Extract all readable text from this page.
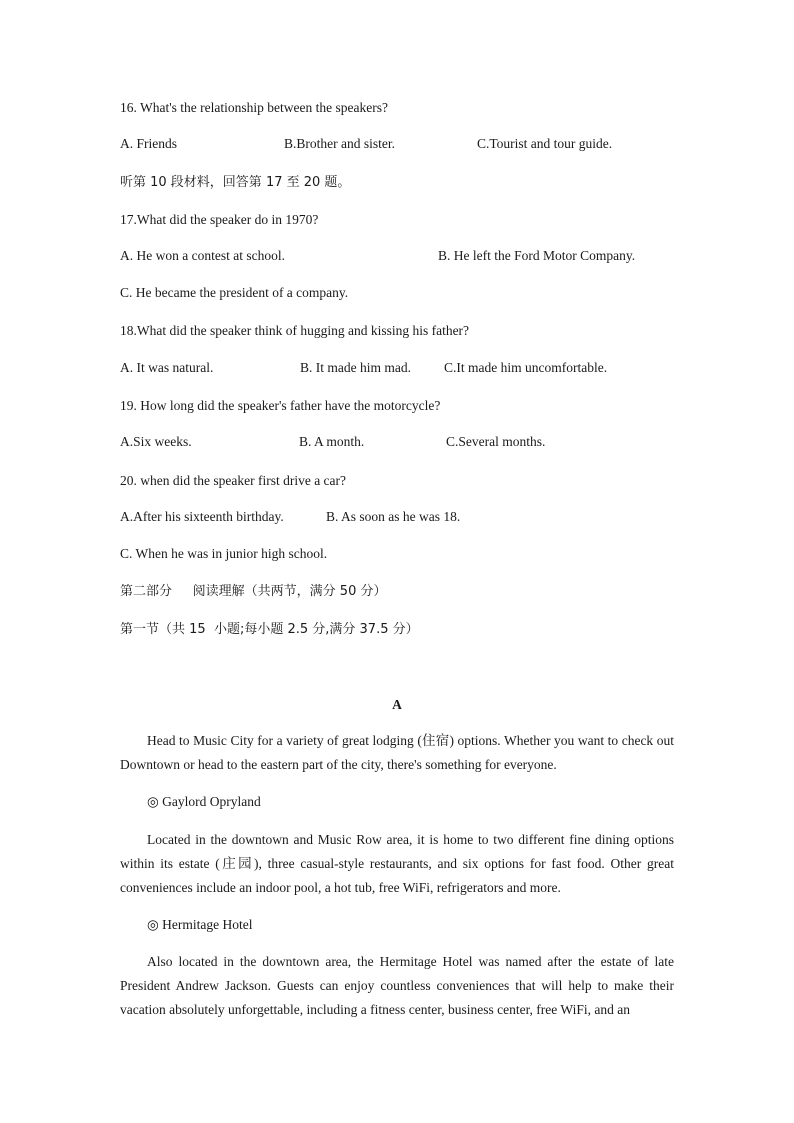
16. What's the relationship between the speakers?
A. Friends	B.Brother and sister.	C.Tourist and tour guide.
听第 10 段材料，回答第 17 至 20 题。
17.What did the speaker do in 1970?
A. He won a contest at school.	B. He left the Ford Motor Company.
C. He became the president of a company.
18.What did the speaker think of hugging and kissing his father?
A. It was natural.	B. It made him mad. C.It made him uncomfortable.
19. How long did the speaker's father have the motorcycle?
A.Six weeks.	B. A month.	C.Several months.
20. when did the speaker first drive a car?
A.After his sixteenth birthday.	B. As soon as he was 18.
C. When he was in junior high school.
第二部分     阅读理解（共两节，满分 50 分）
第一节（共 15  小题;每小题 2.5 分,满分 37.5 分）
A

Head to Music City for a variety of great lodging (住宿) options. Whether you want to check out Downtown or head to the eastern part of the city, there's something for everyone.

◎ Gaylord Opryland

Located in the downtown and Music Row area, it is home to two different fine dining options within its estate (庄园), three casual-style restaurants, and six options for fast food. Other great conveniences include an indoor pool, a hot tub, free WiFi, refrigerators and more.

◎ Hermitage Hotel

Also located in the downtown area, the Hermitage Hotel was named after the estate of late President Andrew Jackson. Guests can enjoy countless conveniences that will help to make their vacation absolutely unforgettable, including a fitness center, business center, free WiFi, and an
